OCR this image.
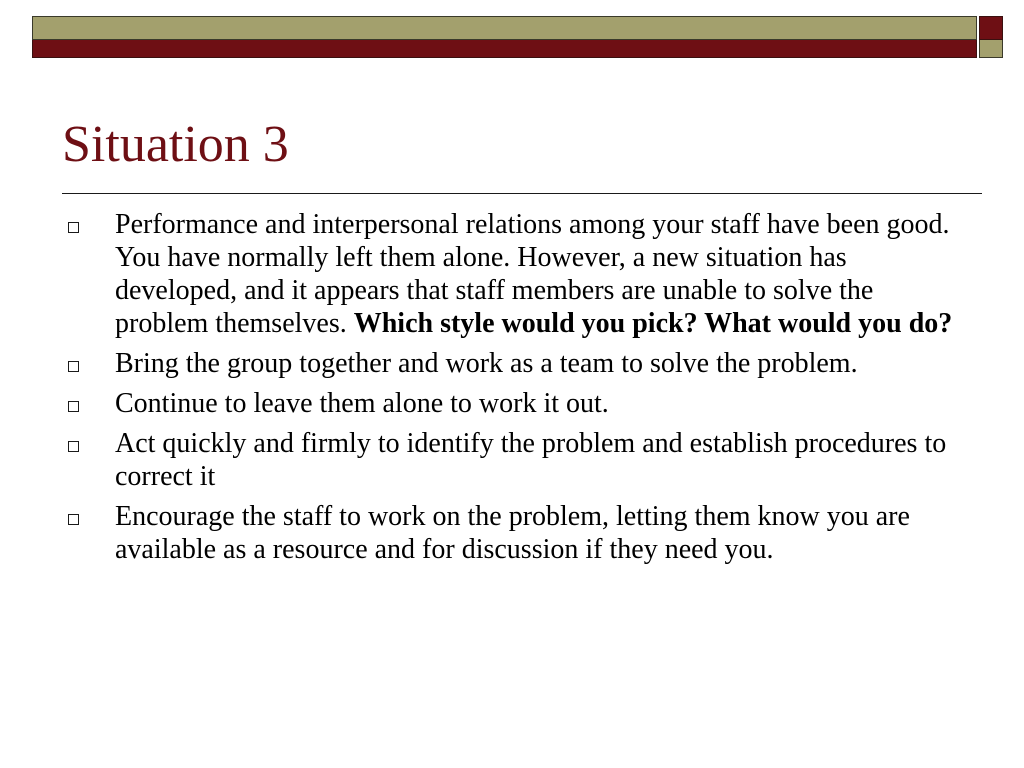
Situation 3
Performance and interpersonal relations among your staff have been good. You have normally left them alone. However, a new situation has developed, and it appears that staff members are unable to solve the problem themselves. Which style would you pick? What would you do?
Bring the group together and work as a team to solve the problem.
Continue to leave them alone to work it out.
Act quickly and firmly to identify the problem and establish procedures to correct it
Encourage the staff to work on the problem, letting them know you are available as a resource and for discussion if they need you.
